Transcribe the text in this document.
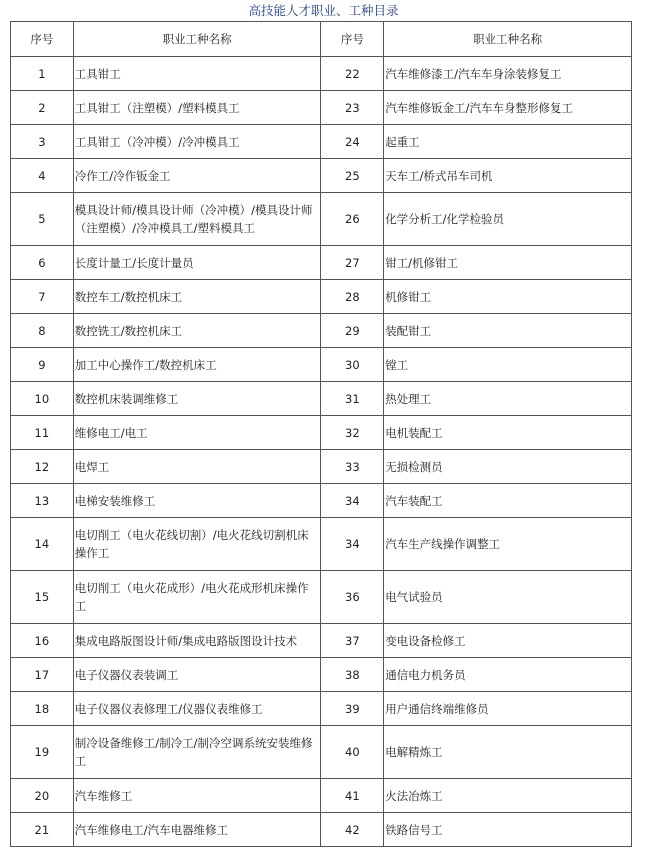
高技能人才职业、工种目录
序号	职业工种名称	序号	职业工种名称
1	工具钳工	22	汽车维修漆工/汽车车身涂装修复工
2	工具钳工（注塑模）/塑料模具工	23	汽车维修钣金工/汽车车身整形修复工
3	工具钳工（冷冲模）/冷冲模具工	24	起重工
4	冷作工/冷作钣金工	25	天车工/桥式吊车司机
5	模具设计师/模具设计师（冷冲模）/模具设计师（注塑模）/冷冲模具工/塑料模具工	26	化学分析工/化学检验员
6	长度计量工/长度计量员	27	钳工/机修钳工
7	数控车工/数控机床工	28	机修钳工
8	数控铣工/数控机床工	29	装配钳工
9	加工中心操作工/数控机床工	30	镗工
10	数控机床装调维修工	31	热处理工
11	维修电工/电工	32	电机装配工
12	电焊工	33	无损检测员
13	电梯安装维修工	34	汽车装配工
14	电切削工（电火花线切割）/电火花线切割机床操作工	34	汽车生产线操作调整工
15	电切削工（电火花成形）/电火花成形机床操作工	36	电气试验员
16	集成电路版图设计师/集成电路版图设计技术	37	变电设备检修工
17	电子仪器仪表装调工	38	通信电力机务员
18	电子仪器仪表修理工/仪器仪表维修工	39	用户通信终端维修员
19	制冷设备维修工/制冷工/制冷空调系统安装维修工	40	电解精炼工
20	汽车维修工	41	火法冶炼工
21	汽车维修电工/汽车电器维修工	42	铁路信号工
